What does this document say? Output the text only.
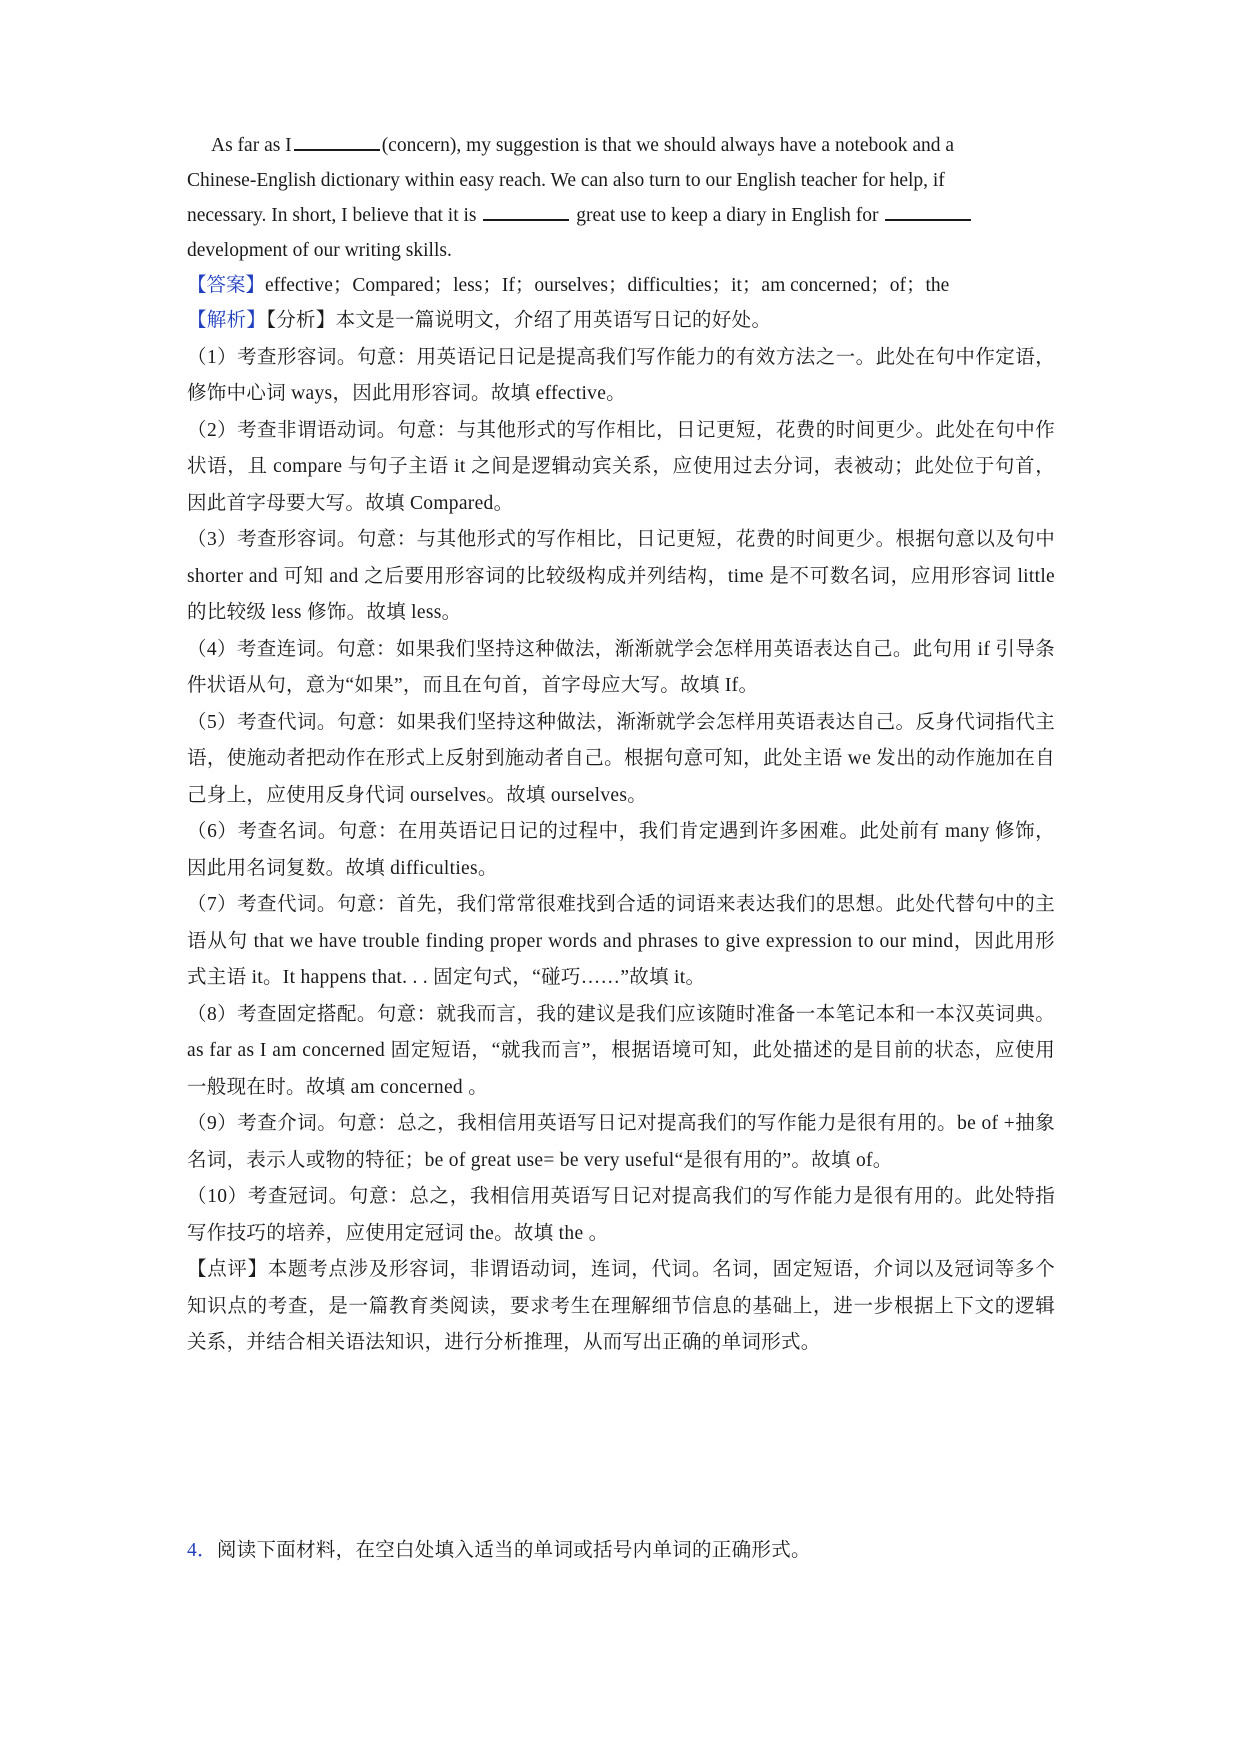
As far as I	(concern), my suggestion is that we should always have a notebook and a

Chinese-English dictionary within easy reach. We can also turn to our English teacher for help, if

necessary. In short, I believe that it is	great use to keep a diary in English for

development of our writing skills.

【答案】effective；Compared；less；If；ourselves；difficulties；it；am concerned；of；the

【解析】【分析】本文是一篇说明文，介绍了用英语写日记的好处。

（1）考查形容词。句意：用英语记日记是提高我们写作能力的有效方法之一。此处在句中作定语，修饰中心词 ways，因此用形容词。故填 effective。

（2）考查非谓语动词。句意：与其他形式的写作相比，日记更短，花费的时间更少。此处在句中作状语，且 compare 与句子主语 it 之间是逻辑动宾关系，应使用过去分词，表被动；此处位于句首，因此首字母要大写。故填 Compared。

（3）考查形容词。句意：与其他形式的写作相比，日记更短，花费的时间更少。根据句意以及句中 shorter and 可知 and 之后要用形容词的比较级构成并列结构，time 是不可数名词，应用形容词 little 的比较级 less 修饰。故填 less。

（4）考查连词。句意：如果我们坚持这种做法，渐渐就学会怎样用英语表达自己。此句用 if 引导条件状语从句，意为“如果”，而且在句首，首字母应大写。故填 If。

（5）考查代词。句意：如果我们坚持这种做法，渐渐就学会怎样用英语表达自己。反身代词指代主语，使施动者把动作在形式上反射到施动者自己。根据句意可知，此处主语 we 发出的动作施加在自己身上，应使用反身代词 ourselves。故填 ourselves。

（6）考查名词。句意：在用英语记日记的过程中，我们肯定遇到许多困难。此处前有 many 修饰，因此用名词复数。故填 difficulties。

（7）考查代词。句意：首先，我们常常很难找到合适的词语来表达我们的思想。此处代替句中的主语从句 that we have trouble finding proper words and phrases to give expression to our mind，因此用形式主语 it。It happens that. . . 固定句式，“碰巧……”故填 it。

（8）考查固定搭配。句意：就我而言，我的建议是我们应该随时准备一本笔记本和一本汉英词典。as far as I am concerned 固定短语，“就我而言”，根据语境可知，此处描述的是目前的状态，应使用一般现在时。故填 am concerned 。

（9）考查介词。句意：总之，我相信用英语写日记对提高我们的写作能力是很有用的。be of +抽象名词，表示人或物的特征；be of great use= be very useful“是很有用的”。故填 of。

（10）考查冠词。句意：总之，我相信用英语写日记对提高我们的写作能力是很有用的。此处特指写作技巧的培养，应使用定冠词 the。故填 the 。

【点评】本题考点涉及形容词，非谓语动词，连词，代词。名词，固定短语，介词以及冠词等多个知识点的考查，是一篇教育类阅读，要求考生在理解细节信息的基础上，进一步根据上下文的逻辑关系，并结合相关语法知识，进行分析推理，从而写出正确的单词形式。

4．阅读下面材料，在空白处填入适当的单词或括号内单词的正确形式。
